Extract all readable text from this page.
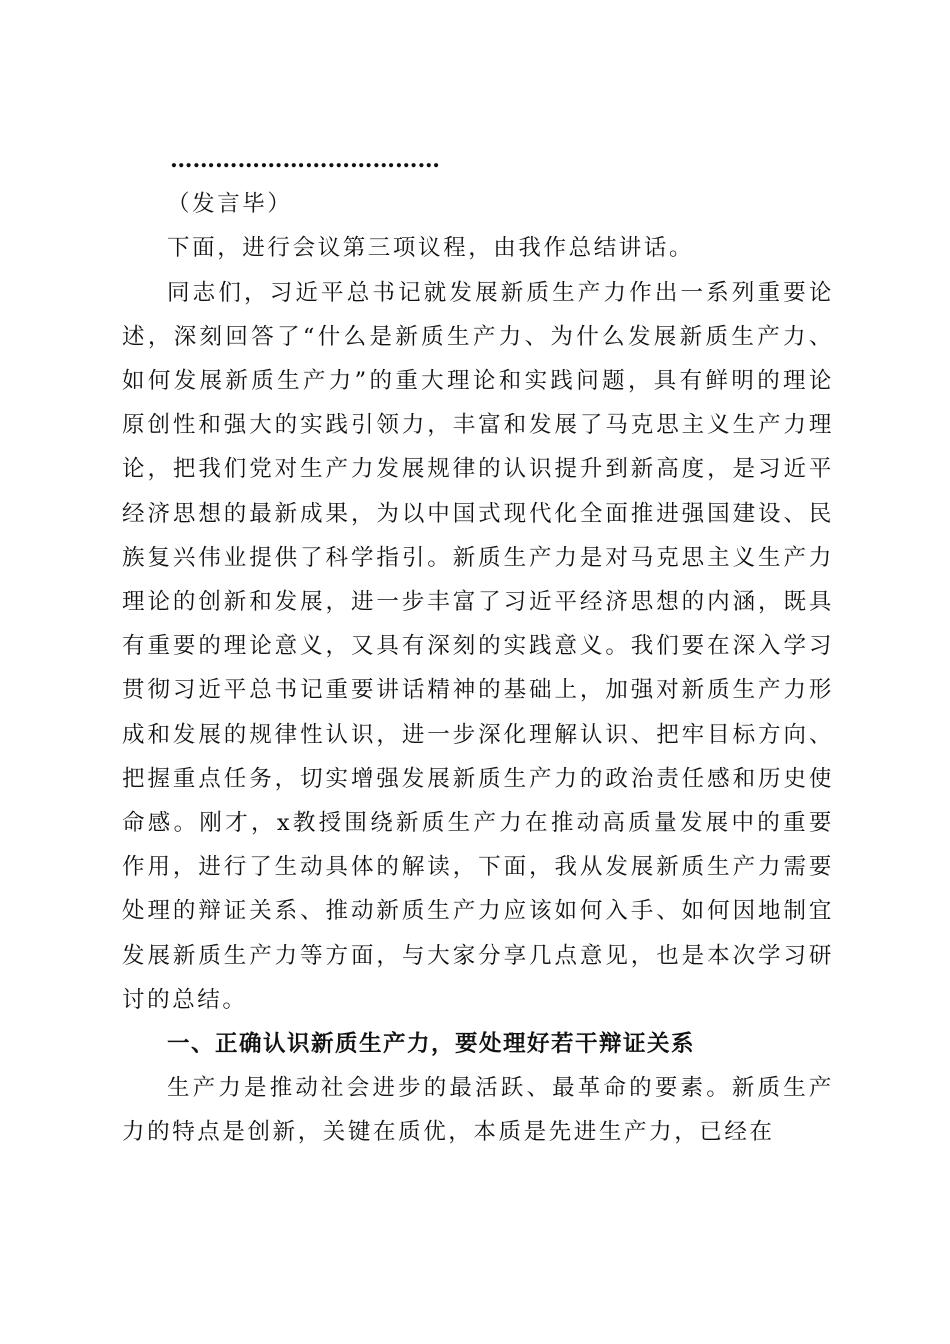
………………………………

（发言毕）

下面，进行会议第三项议程，由我作总结讲话。

同志们，习近平总书记就发展新质生产力作出一系列重要论述，深刻回答了“什么是新质生产力、为什么发展新质生产力、如何发展新质生产力”的重大理论和实践问题，具有鲜明的理论原创性和强大的实践引领力，丰富和发展了马克思主义生产力理论，把我们党对生产力发展规律的认识提升到新高度，是习近平经济思想的最新成果，为以中国式现代化全面推进强国建设、民族复兴伟业提供了科学指引。新质生产力是对马克思主义生产力理论的创新和发展，进一步丰富了习近平经济思想的内涵，既具有重要的理论意义，又具有深刻的实践意义。我们要在深入学习贯彻习近平总书记重要讲话精神的基础上，加强对新质生产力形成和发展的规律性认识，进一步深化理解认识、把牢目标方向、把握重点任务，切实增强发展新质生产力的政治责任感和历史使命感。刚才，x教授围绕新质生产力在推动高质量发展中的重要作用，进行了生动具体的解读，下面，我从发展新质生产力需要处理的辩证关系、推动新质生产力应该如何入手、如何因地制宜发展新质生产力等方面，与大家分享几点意见，也是本次学习研讨的总结。

一、正确认识新质生产力，要处理好若干辩证关系

生产力是推动社会进步的最活跃、最革命的要素。新质生产力的特点是创新，关键在质优，本质是先进生产力，已经在
